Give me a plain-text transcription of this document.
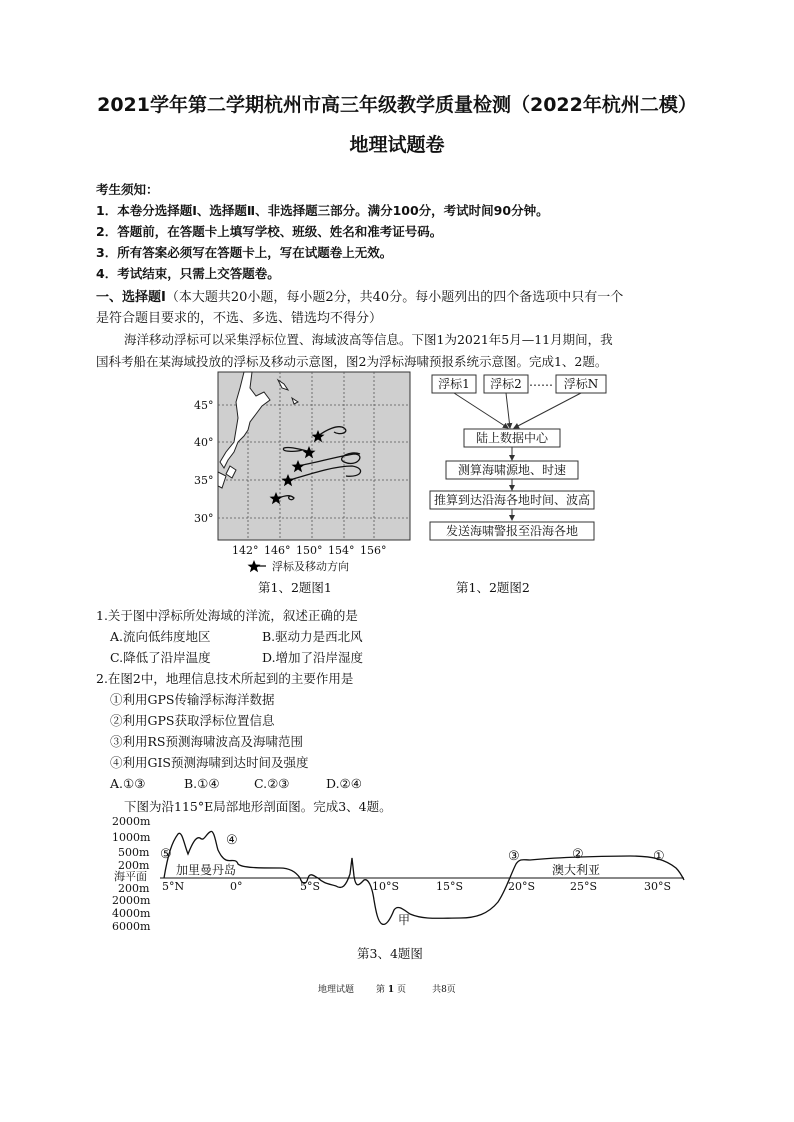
2021学年第二学期杭州市高三年级教学质量检测（2022年杭州二模）
地理试题卷
考生须知：
1．本卷分选择题Ⅰ、选择题Ⅱ、非选择题三部分。满分100分，考试时间90分钟。
2．答题前，在答题卡上填写学校、班级、姓名和准考证号码。
3．所有答案必须写在答题卡上，写在试题卷上无效。
4．考试结束，只需上交答题卷。
一、选择题Ⅰ（本大题共20小题，每小题2分，共40分。每小题列出的四个备选项中只有一个
是符合题目要求的，不选、多选、错选均不得分）
海洋移动浮标可以采集浮标位置、海域波高等信息。下图1为2021年5月—11月期间，我
国科考船在某海域投放的浮标及移动示意图，图2为浮标海啸预报系统示意图。完成1、2题。
45°
40°
35°
30°
142° 146° 150° 154° 156°
浮标及移动方向
第1、2题图1
浮标1 浮标2 …… 浮标N
陆上数据中心
测算海啸源地、时速
推算到达沿海各地时间、波高
发送海啸警报至沿海各地
第1、2题图2
1.关于图中浮标所处海域的洋流，叙述正确的是
A.流向低纬度地区	B.驱动力是西北风
C.降低了沿岸温度	D.增加了沿岸湿度
2.在图2中，地理信息技术所起到的主要作用是
①利用GPS传输浮标海洋数据
②利用GPS获取浮标位置信息
③利用RS预测海啸波高及海啸范围
④利用GIS预测海啸到达时间及强度
A.①③	B.①④	C.②③	D.②④
下图为沿115°E局部地形剖面图。完成3、4题。
2000m
1000m
500m
200m
海平面
200m
2000m
4000m
6000m
5°N	0°	5°S	10°S	15°S	20°S	25°S	30°S
①
②
③
④
⑤
加里曼丹岛	澳大利亚
甲
第3、4题图
地理试题 第 1 页	共8页
